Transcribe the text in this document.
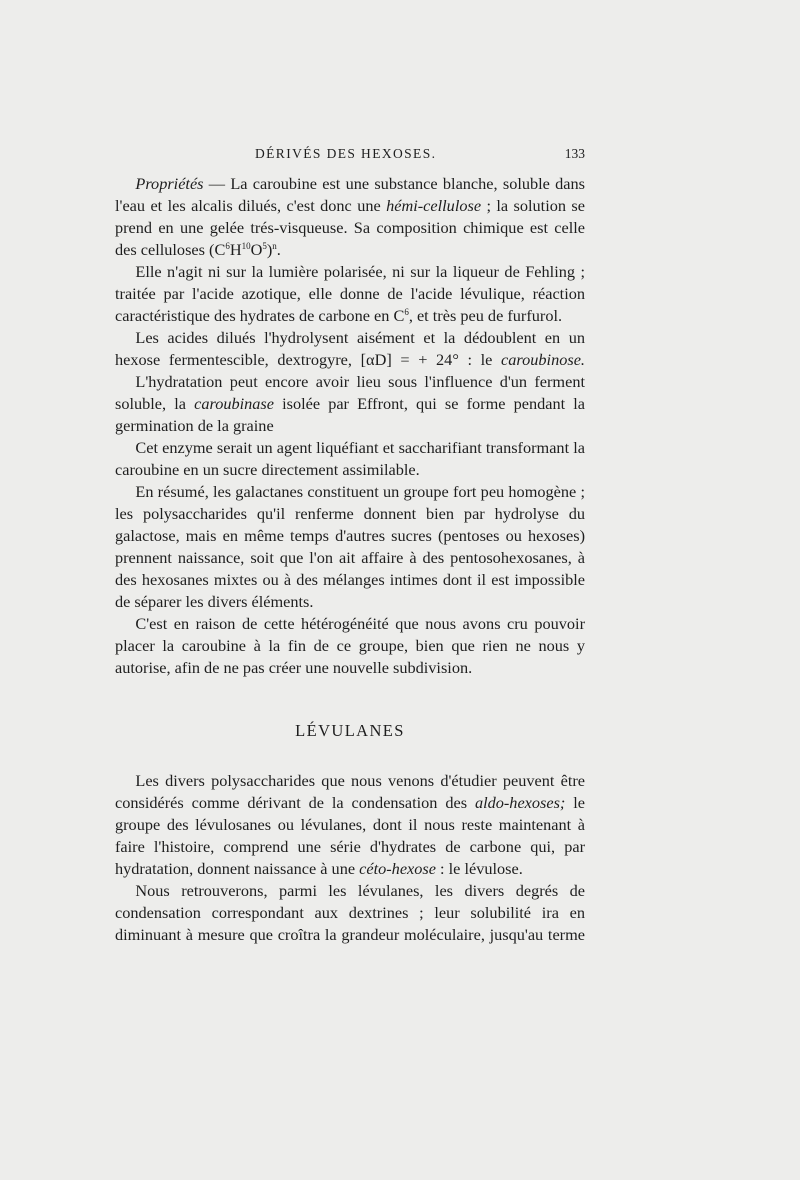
DÉRIVÉS DES HEXOSES.	133

Propriétés — La caroubine est une substance blanche, soluble dans l'eau et les alcalis dilués, c'est donc une hémi-cellulose ; la solution se prend en une gelée trés-visqueuse. Sa composition chimique est celle des celluloses $(C^6H^{10}O^5)^n$.

Elle n'agit ni sur la lumière polarisée, ni sur la liqueur de Fehling ; traitée par l'acide azotique, elle donne de l'acide lévulique, réaction caractéristique des hydrates de carbone en $C^6$, et très peu de furfurol.

Les acides dilués l'hydrolysent aisément et la dédoublent en un hexose fermentescible, dextrogyre, [αD] = + 24° : le caroubinose.

L'hydratation peut encore avoir lieu sous l'influence d'un ferment soluble, la caroubinase isolée par Effront, qui se forme pendant la germination de la graine

Cet enzyme serait un agent liquéfiant et saccharifiant transformant la caroubine en un sucre directement assimilable.

En résumé, les galactanes constituent un groupe fort peu homogène ; les polysaccharides qu'il renferme donnent bien par hydrolyse du galactose, mais en même temps d'autres sucres (pentoses ou hexoses) prennent naissance, soit que l'on ait affaire à des pentosohexosanes, à des hexosanes mixtes ou à des mélanges intimes dont il est impossible de séparer les divers éléments.

C'est en raison de cette hétérogénéité que nous avons cru pouvoir placer la caroubine à la fin de ce groupe, bien que rien ne nous y autorise, afin de ne pas créer une nouvelle subdivision.

LÉVULANES

Les divers polysaccharides que nous venons d'étudier peuvent être considérés comme dérivant de la condensation des aldo-hexoses; le groupe des lévulosanes ou lévulanes, dont il nous reste maintenant à faire l'histoire, comprend une série d'hydrates de carbone qui, par hydratation, donnent naissance à une céto-hexose : le lévulose.

Nous retrouverons, parmi les lévulanes, les divers degrés de condensation correspondant aux dextrines ; leur solubilité ira en diminuant à mesure que croîtra la grandeur moléculaire, jusqu'au terme
